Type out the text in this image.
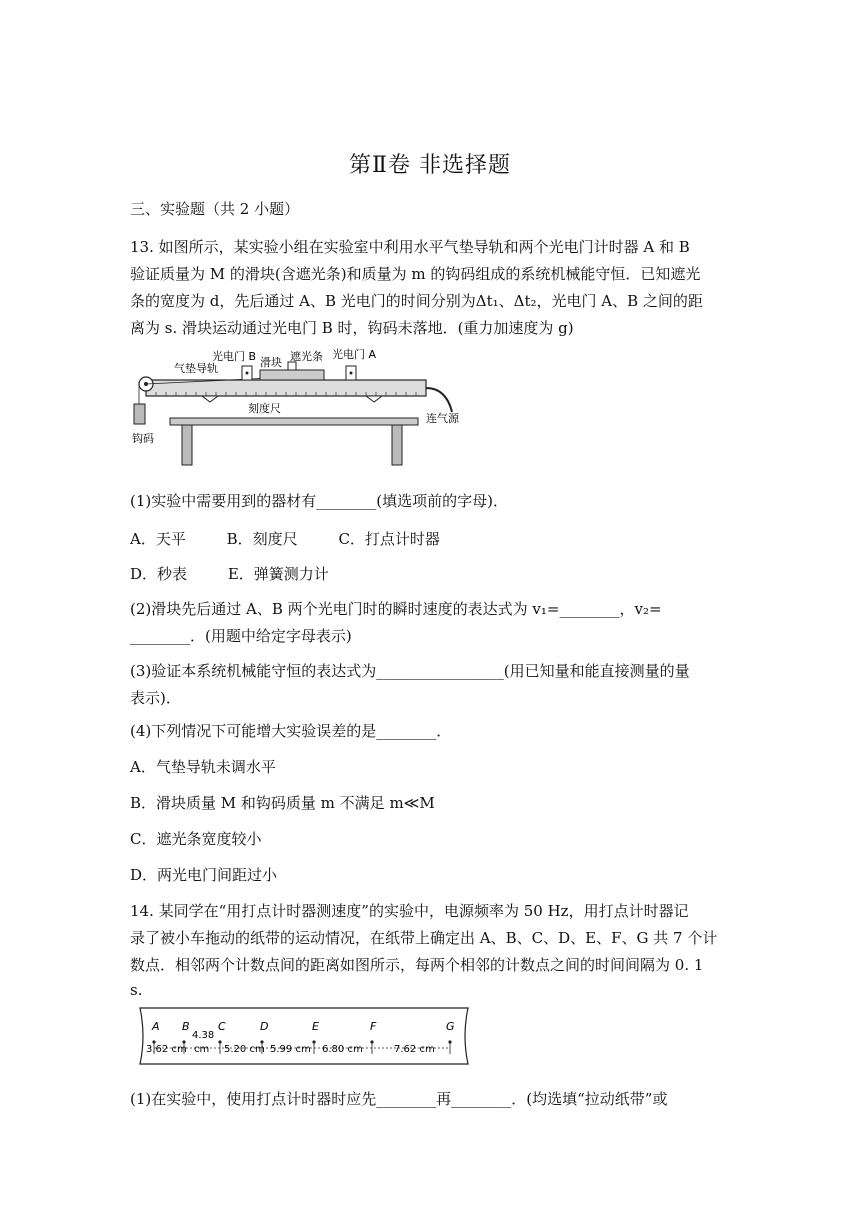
第Ⅱ卷 非选择题
三、实验题（共 2 小题）
13. 如图所示，某实验小组在实验室中利用水平气垫导轨和两个光电门计时器 A 和 B
验证质量为 M 的滑块(含遮光条)和质量为 m 的钩码组成的系统机械能守恒．已知遮光
条的宽度为 d，先后通过 A、B 光电门的时间分别为Δt₁、Δt₂，光电门 A、B 之间的距
离为 s. 滑块运动通过光电门 B 时，钩码未落地．(重力加速度为 g)
钩码
光电门 B
气垫导轨	滑块 遮光条 光电门 A
刻度尺
连气源
(1)实验中需要用到的器材有________(填选项前的字母)．
A．天平	B．刻度尺	C．打点计时器
D．秒表	E．弹簧测力计
(2)滑块先后通过 A、B 两个光电门时的瞬时速度的表达式为 v₁=________，v₂=
________．(用题中给定字母表示)
(3)验证本系统机械能守恒的表达式为_________________(用已知量和能直接测量的量
表示)．
(4)下列情况下可能增大实验误差的是________．
A．气垫导轨未调水平
B．滑块质量 M 和钩码质量 m 不满足 m≪M
C．遮光条宽度较小
D．两光电门间距过小
14. 某同学在“用打点计时器测速度”的实验中，电源频率为 50 Hz，用打点计时器记
录了被小车拖动的纸带的运动情况，在纸带上确定出 A、B、C、D、E、F、G 共 7 个计
数点．相邻两个计数点间的距离如图所示，每两个相邻的计数点之间的时间间隔为 0. 1
s.
A B	C	D	E	F	G
3.62 cm
4.38
cm 5.20 cm 5.99 cm 6.80 cm	7.62 cm
(1)在实验中，使用打点计时器时应先________再________．(均选填“拉动纸带”或
